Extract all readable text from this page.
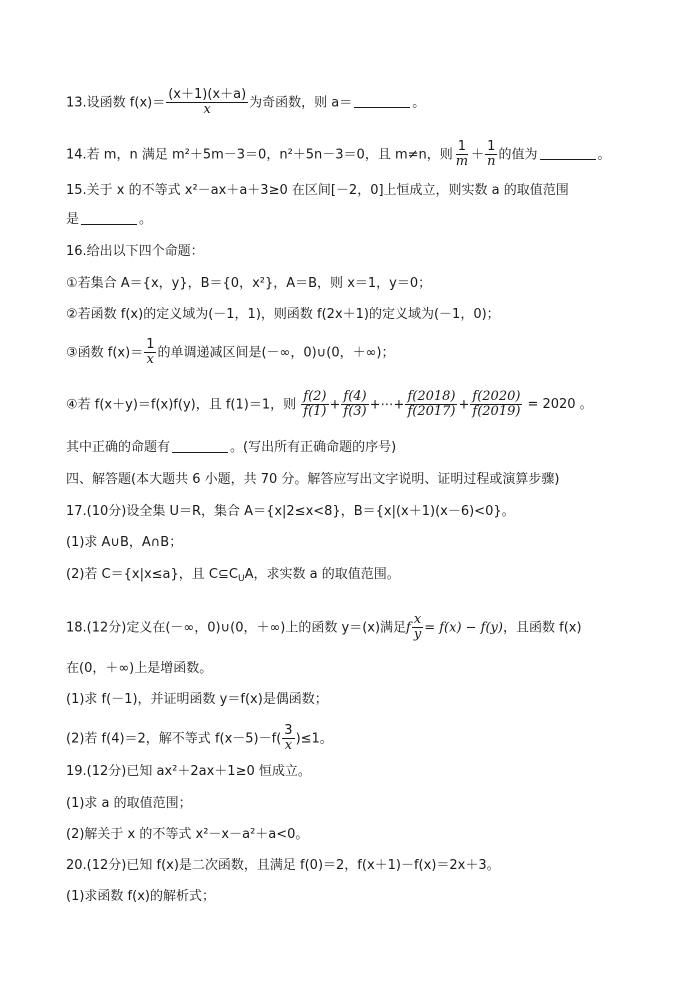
13.设函数 $f(x)= \frac{(x+1)(x+a)}{x}$ 为奇函数，则 a＝	。
14.若 m，n 满足 m²＋5m－3＝0，n²＋5n－3＝0，且 m≠n，则 $\frac{1}{m} + \frac{1}{n}$ 的值为	。
15.关于 x 的不等式 x²－ax＋a＋3≥0 在区间[－2，0]上恒成立，则实数 a 的取值范围
是	。
16.给出以下四个命题：
①若集合 A＝{x，y}，B＝{0，x²}，A＝B，则 x＝1，y＝0；
②若函数 f(x)的定义域为(－1，1)，则函数 f(2x＋1)的定义域为(－1，0)；
③函数 $f(x)= \frac{1}{x}$ 的单调递减区间是(－∞，0)∪(0，＋∞)；
④若 f(x＋y)＝f(x)f(y)，且 f(1)＝1，则 $\frac{f(2)}{f(1)} + \frac{f(4)}{f(3)}$ +⋯+ $\frac{f(2018)}{f(2017)} + \frac{f(2020)}{f(2019)} = 2020$ 。
其中正确的命题有	。(写出所有正确命题的序号)
四、解答题(本大题共 6 小题，共 70 分。解答应写出文字说明、证明过程或演算步骤)
17.(10分)设全集 U＝R，集合 A＝{x|2≤x<8}，B＝{x|(x＋1)(x－6)<0}。
(1)求 A∪B，A∩B；
(2)若 C＝{x|x≤a}，且 $C⊆C_UA$，求实数 a 的取值范围。
18.(12分)定义在(－∞，0)∪(0，＋∞)上的函数 y＝(x)满足f $\frac{x}{y} = f(x) - f(y)$，且函数 f(x)
在(0，＋∞)上是增函数。
(1)求 f(－1)，并证明函数 y＝f(x)是偶函数；
(2)若 f(4)＝2，解不等式 $f(x-5)-f( \frac{3}{x} )\le 1$。
19.(12分)已知 ax²＋2ax＋1≥0 恒成立。
(1)求 a 的取值范围；
(2)解关于 x 的不等式 x²－x－a²＋a<0。
20.(12分)已知 f(x)是二次函数，且满足 f(0)＝2，f(x＋1)－f(x)＝2x＋3。
(1)求函数 f(x)的解析式；
